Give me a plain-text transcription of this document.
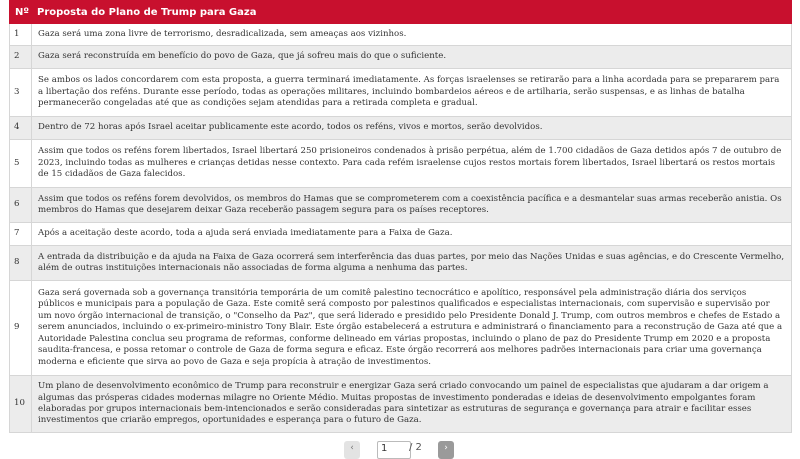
Nº	Proposta do Plano de Trump para Gaza
1	Gaza será uma zona livre de terrorismo, desradicalizada, sem ameaças aos vizinhos.
2	Gaza será reconstruída em benefício do povo de Gaza, que já sofreu mais do que o suficiente.
3	Se ambos os lados concordarem com esta proposta, a guerra terminará imediatamente. As forças israelenses se retirarão para a linha acordada para se prepararem para a libertação dos reféns. Durante esse período, todas as operações militares, incluindo bombardeios aéreos e de artilharia, serão suspensas, e as linhas de batalha permanecerão congeladas até que as condições sejam atendidas para a retirada completa e gradual.
4	Dentro de 72 horas após Israel aceitar publicamente este acordo, todos os reféns, vivos e mortos, serão devolvidos.
5	Assim que todos os reféns forem libertados, Israel libertará 250 prisioneiros condenados à prisão perpétua, além de 1.700 cidadãos de Gaza detidos após 7 de outubro de 2023, incluindo todas as mulheres e crianças detidas nesse contexto. Para cada refém israelense cujos restos mortais forem libertados, Israel libertará os restos mortais de 15 cidadãos de Gaza falecidos.
6	Assim que todos os reféns forem devolvidos, os membros do Hamas que se comprometerem com a coexistência pacífica e a desmantelar suas armas receberão anistia. Os membros do Hamas que desejarem deixar Gaza receberão passagem segura para os países receptores.
7	Após a aceitação deste acordo, toda a ajuda será enviada imediatamente para a Faixa de Gaza.
8	A entrada da distribuição e da ajuda na Faixa de Gaza ocorrerá sem interferência das duas partes, por meio das Nações Unidas e suas agências, e do Crescente Vermelho, além de outras instituições internacionais não associadas de forma alguma a nenhuma das partes.
9	Gaza será governada sob a governança transitória temporária de um comitê palestino tecnocrático e apolítico, responsável pela administração diária dos serviços públicos e municipais para a população de Gaza. Este comitê será composto por palestinos qualificados e especialistas internacionais, com supervisão e supervisão por um novo órgão internacional de transição, o "Conselho da Paz", que será liderado e presidido pelo Presidente Donald J. Trump, com outros membros e chefes de Estado a serem anunciados, incluindo o ex-primeiro-ministro Tony Blair. Este órgão estabelecerá a estrutura e administrará o financiamento para a reconstrução de Gaza até que a Autoridade Palestina conclua seu programa de reformas, conforme delineado em várias propostas, incluindo o plano de paz do Presidente Trump em 2020 e a proposta saudita-francesa, e possa retomar o controle de Gaza de forma segura e eficaz. Este órgão recorrerá aos melhores padrões internacionais para criar uma governança moderna e eficiente que sirva ao povo de Gaza e seja propícia à atração de investimentos.
10	Um plano de desenvolvimento econômico de Trump para reconstruir e energizar Gaza será criado convocando um painel de especialistas que ajudaram a dar origem a algumas das prósperas cidades modernas milagre no Oriente Médio. Muitas propostas de investimento ponderadas e ideias de desenvolvimento empolgantes foram elaboradas por grupos internacionais bem-intencionados e serão consideradas para sintetizar as estruturas de segurança e governança para atrair e facilitar esses investimentos que criarão empregos, oportunidades e esperança para o futuro de Gaza.
‹	1	/ 2	›
